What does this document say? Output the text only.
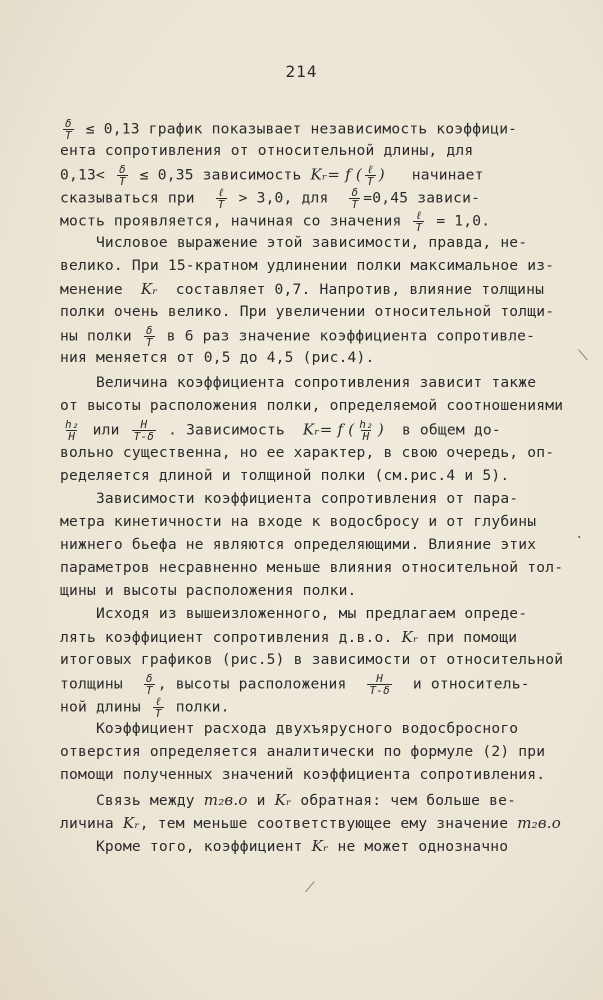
214
$\frac{\delta}{T} \le 0,13$ график показывает независимость коэффици-
ента сопротивления от относительной длины, для
$0,13< \frac{\delta}{T} \le 0,35$ зависимость Kᵣ= f ( $\frac{\text{ℓ}}{T}$ ) начинает
сказываться при $\frac{\text{ℓ}}{T} > 3,0$, для $\frac{\delta}{T} =0,45$ зависи-
мость проявляется, начиная со значения $\frac{\text{ℓ}}{T} = 1,0$.
Числовое выражение этой зависимости, правда, не-
велико. При 15-кратном удлинении полки максимальное из-
менение Kᵣ составляет 0,7. Напротив, влияние толщины
полки очень велико. При увеличении относительной толщи-
ны полки $\frac{\delta}{T}$ в 6 раз значение коэффициента сопротивле-
ния меняется от 0,5 до 4,5 (рис.4).
Величина коэффициента сопротивления зависит также
от высоты расположения полки, определяемой соотношениями
$\frac{\text{h₂}}{H}$ или $\frac{H}{T-\delta}$ . Зависимость Kᵣ= f ( $\frac{\text{h₂}}{H}$ ) в общем до-
вольно существенна, но ее характер, в свою очередь, оп-
ределяется длиной и толщиной полки (см.рис.4 и 5).
Зависимости коэффициента сопротивления от пара-
метра кинетичности на входе к водосбросу и от глубины
нижнего бьефа не являются определяющими. Влияние этих
параметров несравненно меньше влияния относительной тол-
щины и высоты расположения полки.
Исходя из вышеизложенного, мы предлагаем опреде-
лять коэффициент сопротивления д.в.о. Kᵣ при помощи
итоговых графиков (рис.5) в зависимости от относительной
толщины $\frac{\delta}{T}$ , высоты расположения $\frac{H}{T-\delta}$ и относитель-
ной длины $\frac{\text{ℓ}}{T}$ полки.
Коэффициент расхода двухъярусного водосбросного
отверстия определяется аналитически по формуле (2) при
помощи полученных значений коэффициента сопротивления.
Связь между m₂в.о и Kᵣ обратная: чем больше ве-
личина Kᵣ, тем меньше соответствующее ему значение m₂в.о
Кроме того, коэффициент Kᵣ не может однозначно
⟍
·
⟋
